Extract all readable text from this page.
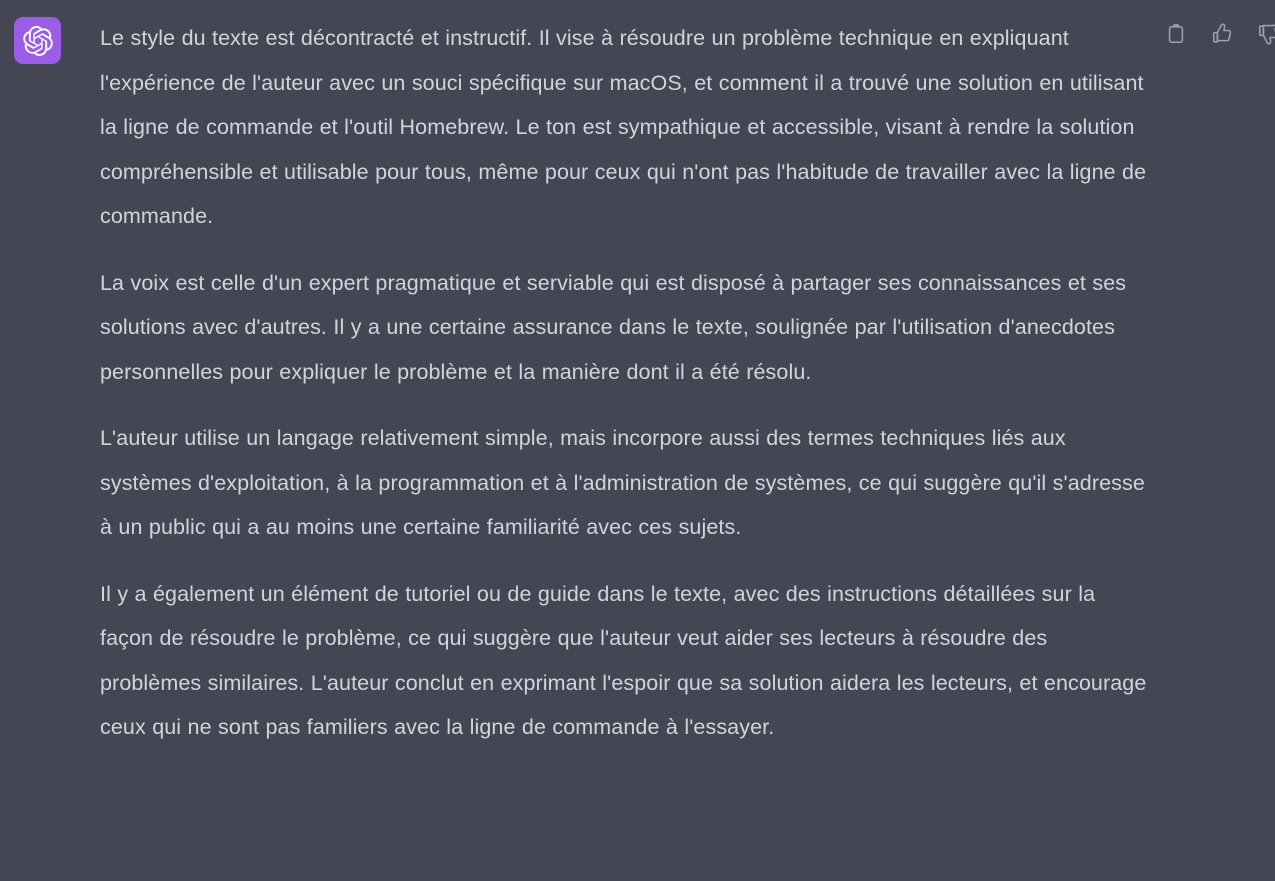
Le style du texte est décontracté et instructif. Il vise à résoudre un problème technique en expliquant l'expérience de l'auteur avec un souci spécifique sur macOS, et comment il a trouvé une solution en utilisant la ligne de commande et l'outil Homebrew. Le ton est sympathique et accessible, visant à rendre la solution compréhensible et utilisable pour tous, même pour ceux qui n'ont pas l'habitude de travailler avec la ligne de commande.

La voix est celle d'un expert pragmatique et serviable qui est disposé à partager ses connaissances et ses solutions avec d'autres. Il y a une certaine assurance dans le texte, soulignée par l'utilisation d'anecdotes personnelles pour expliquer le problème et la manière dont il a été résolu.

L'auteur utilise un langage relativement simple, mais incorpore aussi des termes techniques liés aux systèmes d'exploitation, à la programmation et à l'administration de systèmes, ce qui suggère qu'il s'adresse à un public qui a au moins une certaine familiarité avec ces sujets.

Il y a également un élément de tutoriel ou de guide dans le texte, avec des instructions détaillées sur la façon de résoudre le problème, ce qui suggère que l'auteur veut aider ses lecteurs à résoudre des problèmes similaires. L'auteur conclut en exprimant l'espoir que sa solution aidera les lecteurs, et encourage ceux qui ne sont pas familiers avec la ligne de commande à l'essayer.
